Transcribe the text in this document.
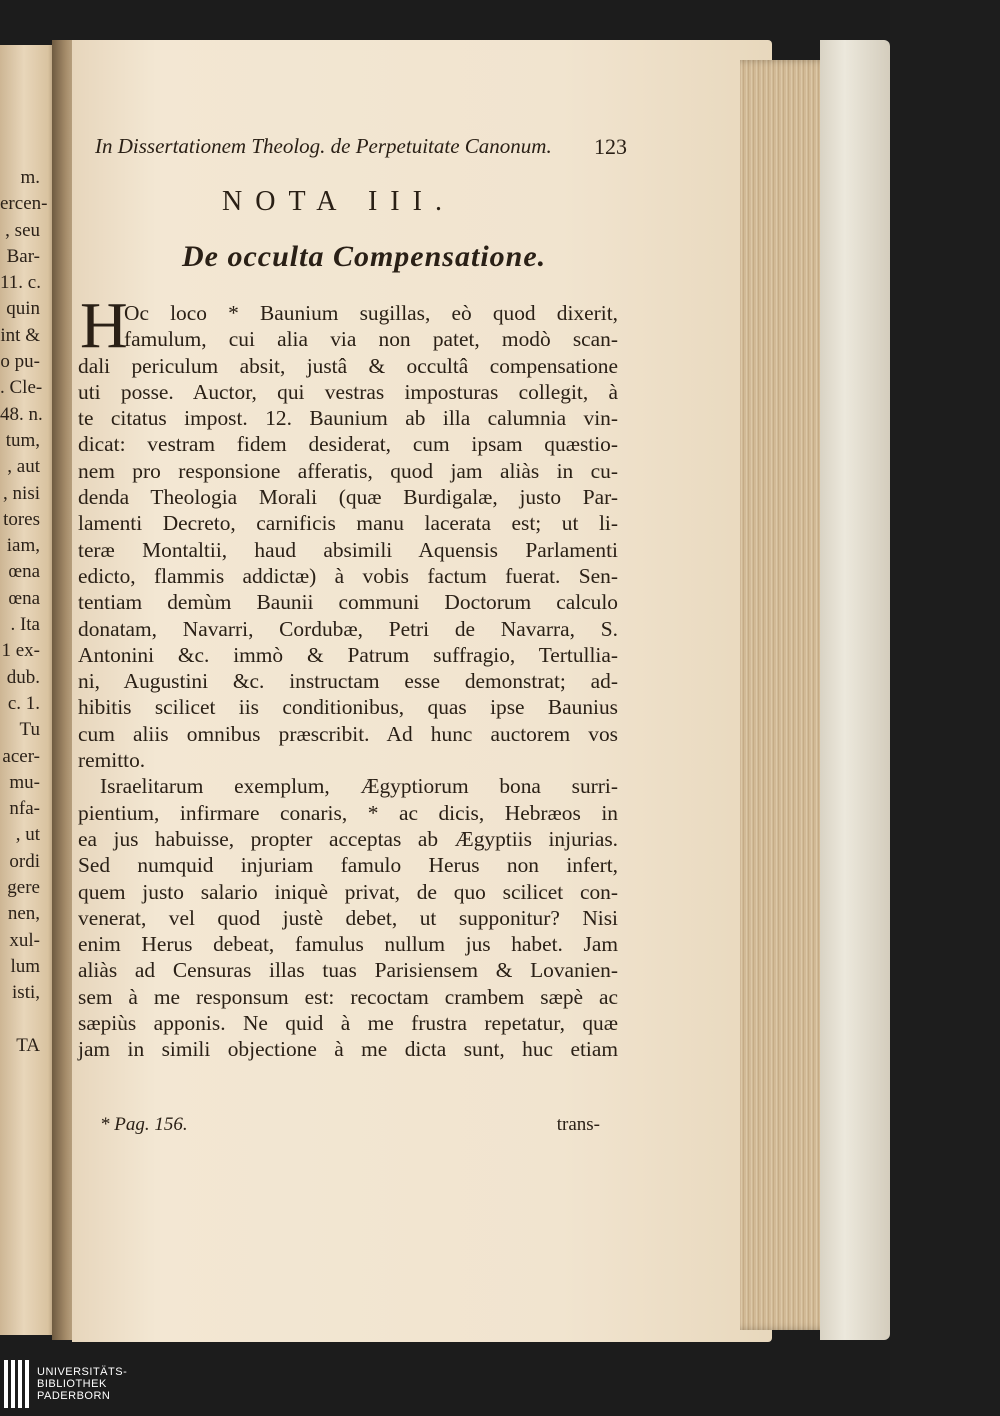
m.
ercen-
, seu
Bar-
11. c.
quin
int &
o pu-
. Cle-
48. n.
tum,
, aut
, nisi
tores
iam,
œna
œna
. Ita
1 ex-
dub.
c. 1.
Tu
acer-
mu-
nfa-
, ut
ordi
gere
nen,
xul-
lum
isti,

TA
In Dissertationem Theolog. de Perpetuitate Canonum. 123
NOTA III.
De occulta Compensatione.
H
Oc loco * Baunium sugillas, eò quod dixerit,
famulum, cui alia via non patet, modò scan-
dali periculum absit, justâ & occultâ compensatione
uti posse. Auctor, qui vestras imposturas collegit, à
te citatus impost. 12. Baunium ab illa calumnia vin-
dicat: vestram fidem desiderat, cum ipsam quæstio-
nem pro responsione afferatis, quod jam aliàs in cu-
denda Theologia Morali (quæ Burdigalæ, justo Par-
lamenti Decreto, carnificis manu lacerata est; ut li-
teræ Montaltii, haud absimili Aquensis Parlamenti
edicto, flammis addictæ) à vobis factum fuerat. Sen-
tentiam demùm Baunii communi Doctorum calculo
donatam, Navarri, Cordubæ, Petri de Navarra, S.
Antonini &c. immò & Patrum suffragio, Tertullia-
ni, Augustini &c. instructam esse demonstrat; ad-
hibitis scilicet iis conditionibus, quas ipse Baunius
cum aliis omnibus præscribit. Ad hunc auctorem vos
remitto.
Israelitarum exemplum, Ægyptiorum bona surri-
pientium, infirmare conaris, * ac dicis, Hebræos in
ea jus habuisse, propter acceptas ab Ægyptiis injurias.
Sed numquid injuriam famulo Herus non infert,
quem justo salario iniquè privat, de quo scilicet con-
venerat, vel quod justè debet, ut supponitur? Nisi
enim Herus debeat, famulus nullum jus habet. Jam
aliàs ad Censuras illas tuas Parisiensem & Lovanien-
sem à me responsum est: recoctam crambem sæpè ac
sæpiùs apponis. Ne quid à me frustra repetatur, quæ
jam in simili objectione à me dicta sunt, huc etiam
* Pag. 156.	trans-
UNIVERSITÄTS-
BIBLIOTHEK
PADERBORN
